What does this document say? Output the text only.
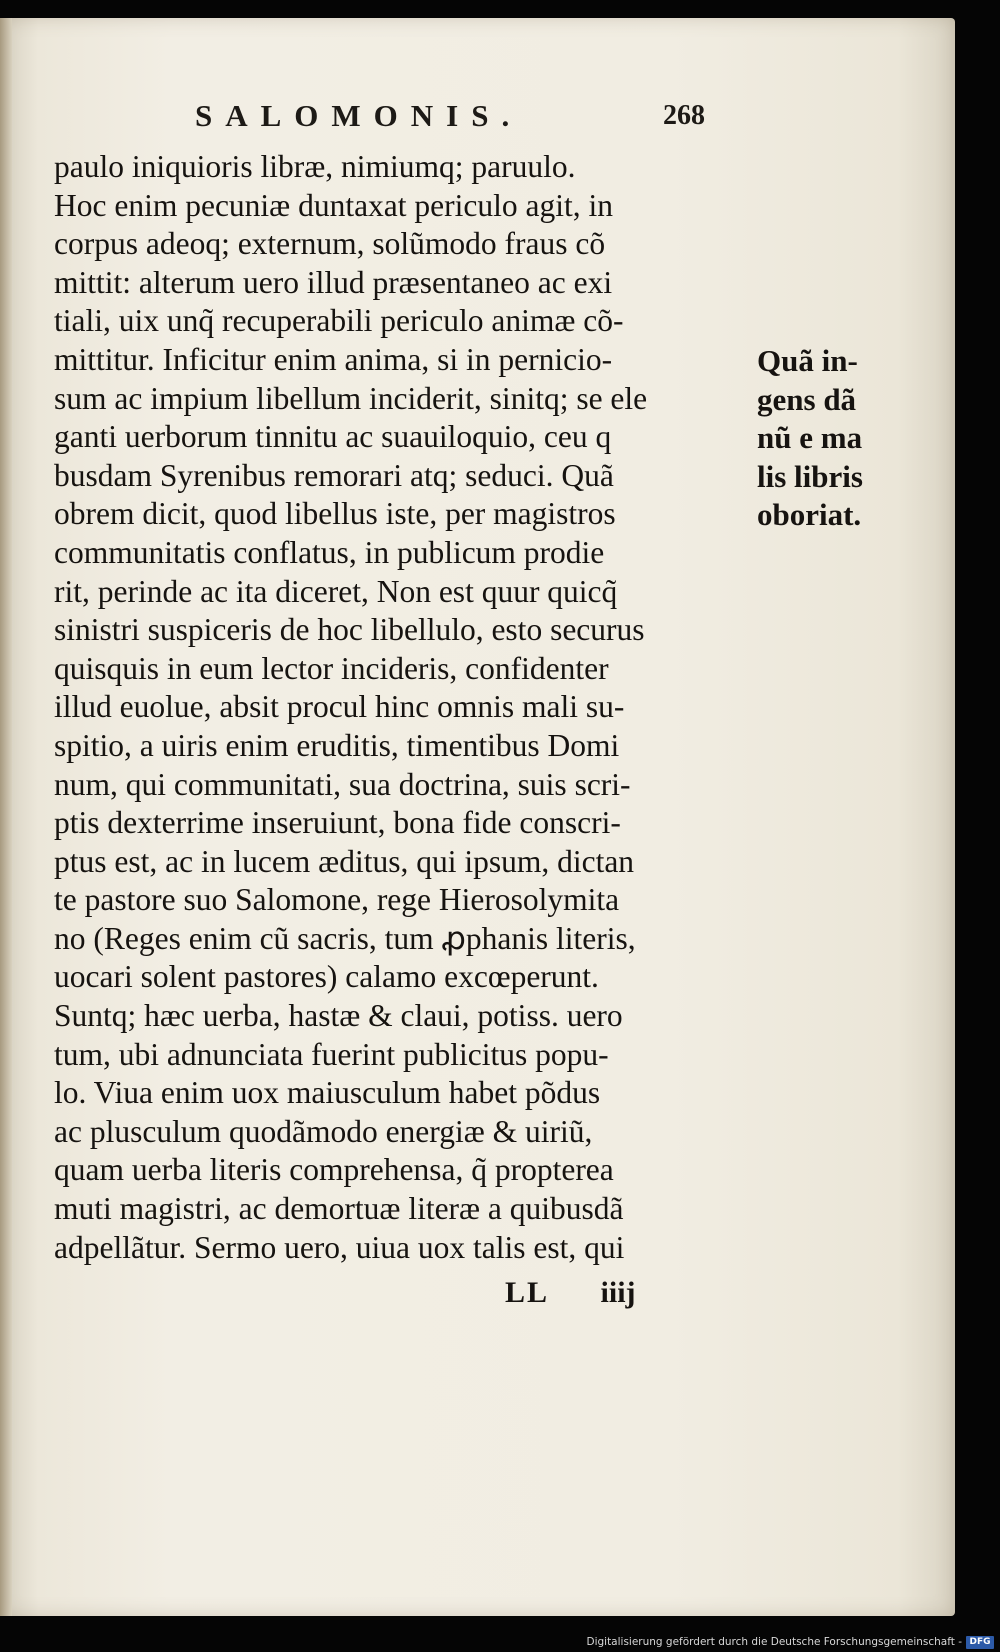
SALOMONIS.	268
paulo iniquioris libræ, nimiumq; paruulo.
Hoc enim pecuniæ duntaxat periculo agit, in
corpus adeoq; externum, solũmodo fraus cõ
mittit: alterum uero illud præsentaneo ac exi
tiali, uix unq̃ recuperabili periculo animæ cõ-
mittitur. Inficitur enim anima, si in pernicio-
sum ac impium libellum inciderit, sinitq; se ele
ganti uerborum tinnitu ac suauiloquio, ceu q
busdam Syrenibus remorari atq; seduci. Quã
obrem dicit, quod libellus iste, per magistros
communitatis conflatus, in publicum prodie
rit, perinde ac ita diceret, Non est quur quicq̃
sinistri suspiceris de hoc libellulo, esto securus
quisquis in eum lector incideris, confidenter
illud euolue, absit procul hinc omnis mali su-
spitio, a uiris enim eruditis, timentibus Domi
num, qui communitati, sua doctrina, suis scri-
ptis dexterrime inseruiunt, bona fide conscri-
ptus est, ac in lucem æditus, qui ipsum, dictan
te pastore suo Salomone, rege Hierosolymita
no (Reges enim cũ sacris, tum ꝓphanis literis,
uocari solent pastores) calamo excœperunt.
Suntq; hæc uerba, hastæ & claui, potiss. uero
tum, ubi adnunciata fuerint publicitus popu-
lo. Viua enim uox maiusculum habet põdus
ac plusculum quodãmodo energiæ & uiriũ,
quam uerba literis comprehensa, q̃ propterea
muti magistri, ac demortuæ literæ a quibusdã
adpellãtur. Sermo uero, uiua uox talis est, qui
Quã in-
gens dã
nũ e ma
lis libris
oboriat.
LL iiij
Digitalisierung gefördert durch die Deutsche Forschungsgemeinschaft - DFG
